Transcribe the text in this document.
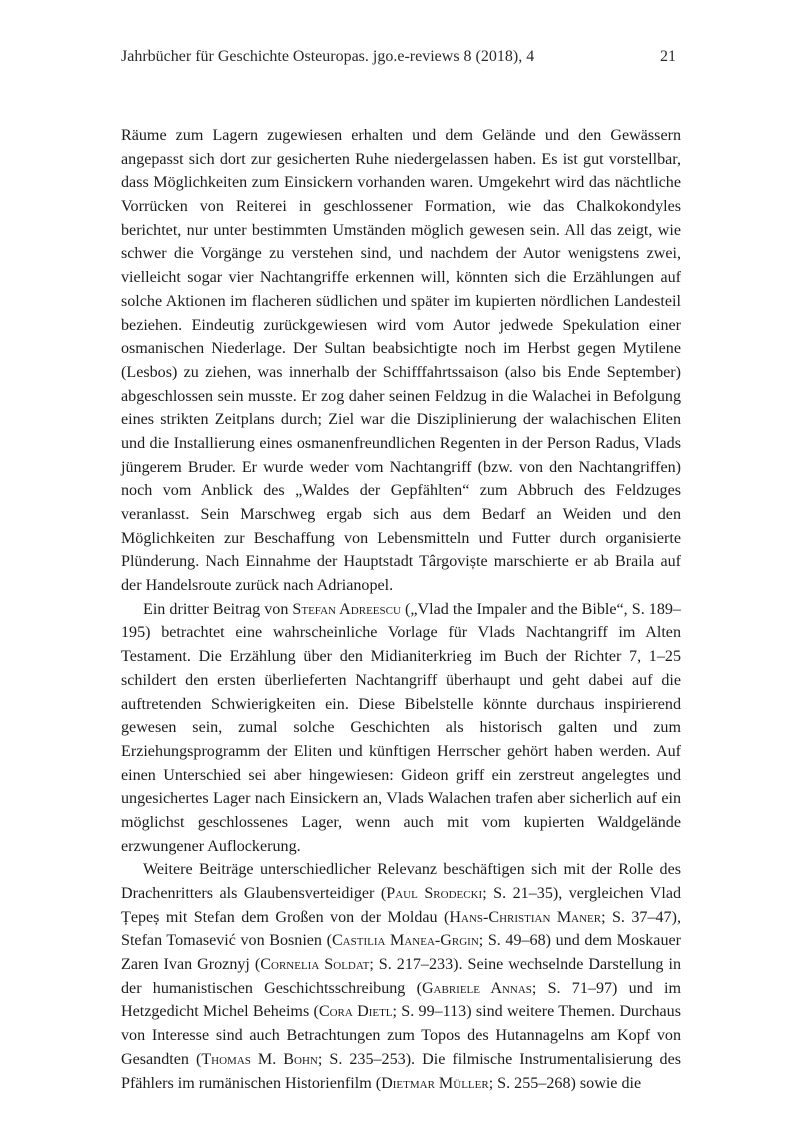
Jahrbücher für Geschichte Osteuropas. jgo.e-reviews 8 (2018), 4	21

Räume zum Lagern zugewiesen erhalten und dem Gelände und den Gewässern angepasst sich dort zur gesicherten Ruhe niedergelassen haben. Es ist gut vorstellbar, dass Möglichkeiten zum Einsickern vorhanden waren. Umgekehrt wird das nächtliche Vorrücken von Reiterei in geschlossener Formation, wie das Chalkokondyles berichtet, nur unter bestimmten Umständen möglich gewesen sein. All das zeigt, wie schwer die Vorgänge zu verstehen sind, und nachdem der Autor wenigstens zwei, vielleicht sogar vier Nachtangriffe erkennen will, könnten sich die Erzählungen auf solche Aktionen im flacheren südlichen und später im kupierten nördlichen Landesteil beziehen. Eindeutig zurückgewiesen wird vom Autor jedwede Spekulation einer osmanischen Niederlage. Der Sultan beabsichtigte noch im Herbst gegen Mytilene (Lesbos) zu ziehen, was innerhalb der Schifffahrtssaison (also bis Ende September) abgeschlossen sein musste. Er zog daher seinen Feldzug in die Walachei in Befolgung eines strikten Zeitplans durch; Ziel war die Disziplinierung der walachischen Eliten und die Installierung eines osmanenfreundlichen Regenten in der Person Radus, Vlads jüngerem Bruder. Er wurde weder vom Nachtangriff (bzw. von den Nachtangriffen) noch vom Anblick des „Waldes der Gepfählten“ zum Abbruch des Feldzuges veranlasst. Sein Marschweg ergab sich aus dem Bedarf an Weiden und den Möglichkeiten zur Beschaffung von Lebensmitteln und Futter durch organisierte Plünderung. Nach Einnahme der Hauptstadt Târgoviște marschierte er ab Braila auf der Handelsroute zurück nach Adrianopel.

Ein dritter Beitrag von Stefan Adreescu („Vlad the Impaler and the Bible“, S. 189–195) betrachtet eine wahrscheinliche Vorlage für Vlads Nachtangriff im Alten Testament. Die Erzählung über den Midianiterkrieg im Buch der Richter 7, 1–25 schildert den ersten überlieferten Nachtangriff überhaupt und geht dabei auf die auftretenden Schwierigkeiten ein. Diese Bibelstelle könnte durchaus inspirierend gewesen sein, zumal solche Geschichten als historisch galten und zum Erziehungsprogramm der Eliten und künftigen Herrscher gehört haben werden. Auf einen Unterschied sei aber hingewiesen: Gideon griff ein zerstreut angelegtes und ungesichertes Lager nach Einsickern an, Vlads Walachen trafen aber sicherlich auf ein möglichst geschlossenes Lager, wenn auch mit vom kupierten Waldgelände erzwungener Auflockerung.

Weitere Beiträge unterschiedlicher Relevanz beschäftigen sich mit der Rolle des Drachenritters als Glaubensverteidiger (Paul Srodecki; S. 21–35), vergleichen Vlad Țepeș mit Stefan dem Großen von der Moldau (Hans-Christian Maner; S. 37–47), Stefan Tomasević von Bosnien (Castilia Manea-Grgin; S. 49–68) und dem Moskauer Zaren Ivan Groznyj (Cornelia Soldat; S. 217–233). Seine wechselnde Darstellung in der humanistischen Geschichtsschreibung (Gabriele Annas; S. 71–97) und im Hetzgedicht Michel Beheims (Cora Dietl; S. 99–113) sind weitere Themen. Durchaus von Interesse sind auch Betrachtungen zum Topos des Hutannagelns am Kopf von Gesandten (Thomas M. Bohn; S. 235–253). Die filmische Instrumentalisierung des Pfählers im rumänischen Historienfilm (Dietmar Müller; S. 255–268) sowie die
